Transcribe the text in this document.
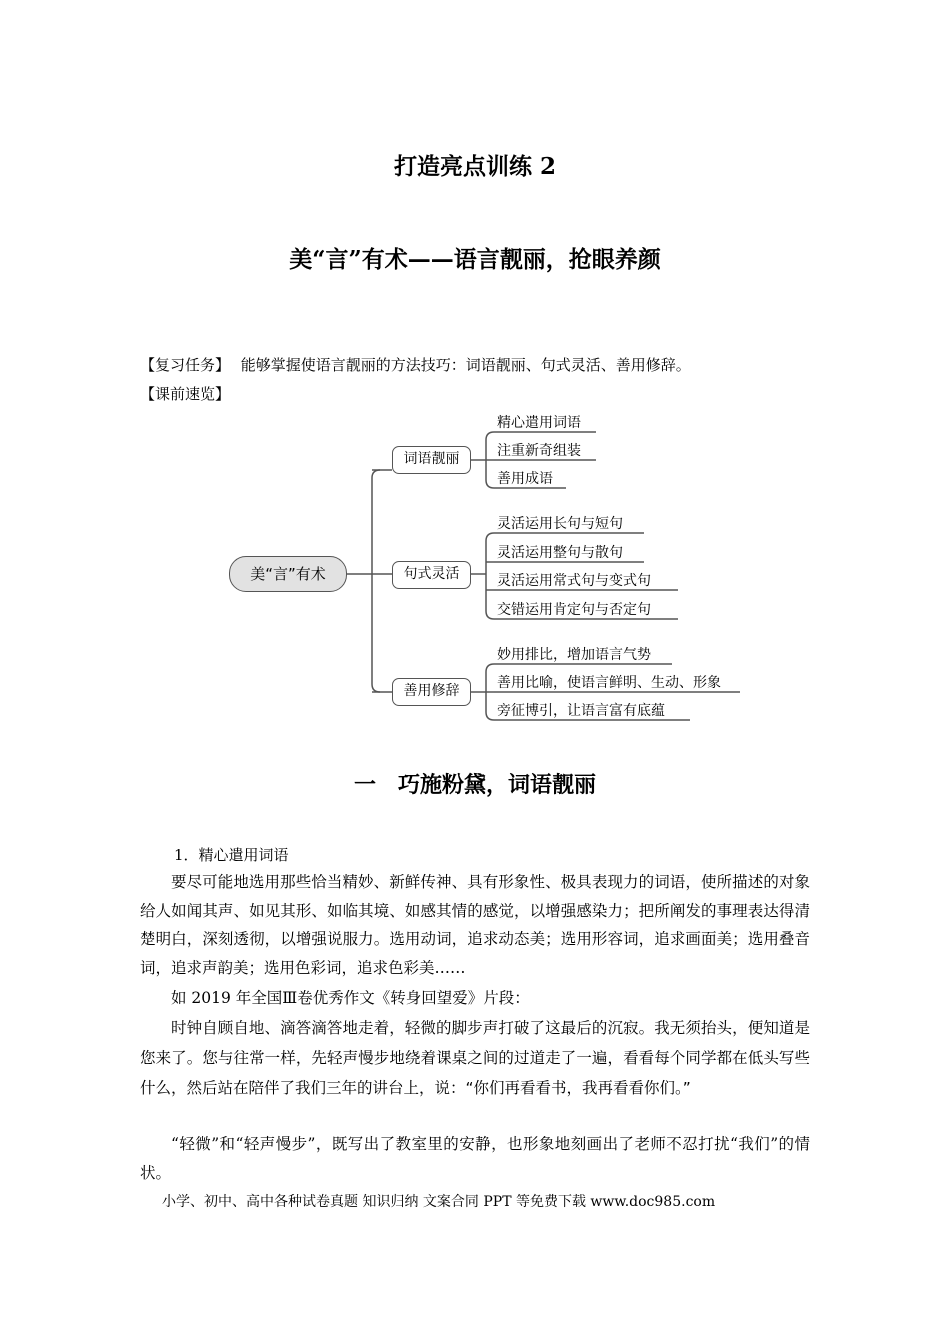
打造亮点训练 2
美“言”有术——语言靓丽，抢眼养颜
【复习任务】 能够掌握使语言靓丽的方法技巧：词语靓丽、句式灵活、善用修辞。
【课前速览】
美“言”有术
词语靓丽
句式灵活
善用修辞
精心遣用词语
注重新奇组装
善用成语
灵活运用长句与短句
灵活运用整句与散句
灵活运用常式句与变式句
交错运用肯定句与否定句
妙用排比，增加语言气势
善用比喻，使语言鲜明、生动、形象
旁征博引，让语言富有底蕴
一　巧施粉黛，词语靓丽
1．精心遣用词语
要尽可能地选用那些恰当精妙、新鲜传神、具有形象性、极具表现力的词语，使所描述的对象给人如闻其声、如见其形、如临其境、如感其情的感觉，以增强感染力；把所阐发的事理表达得清楚明白，深刻透彻，以增强说服力。选用动词，追求动态美；选用形容词，追求画面美；选用叠音词，追求声韵美；选用色彩词，追求色彩美……
如 2019 年全国Ⅲ卷优秀作文《转身回望爱》片段：
时钟自顾自地、滴答滴答地走着，轻微的脚步声打破了这最后的沉寂。我无须抬头，便知道是您来了。您与往常一样，先轻声慢步地绕着课桌之间的过道走了一遍，看看每个同学都在低头写些什么，然后站在陪伴了我们三年的讲台上，说：“你们再看看书，我再看看你们。”
“轻微”和“轻声慢步”，既写出了教室里的安静，也形象地刻画出了老师不忍打扰“我们”的情状。
小学、初中、高中各种试卷真题 知识归纳 文案合同 PPT 等免费下载 www.doc985.com
